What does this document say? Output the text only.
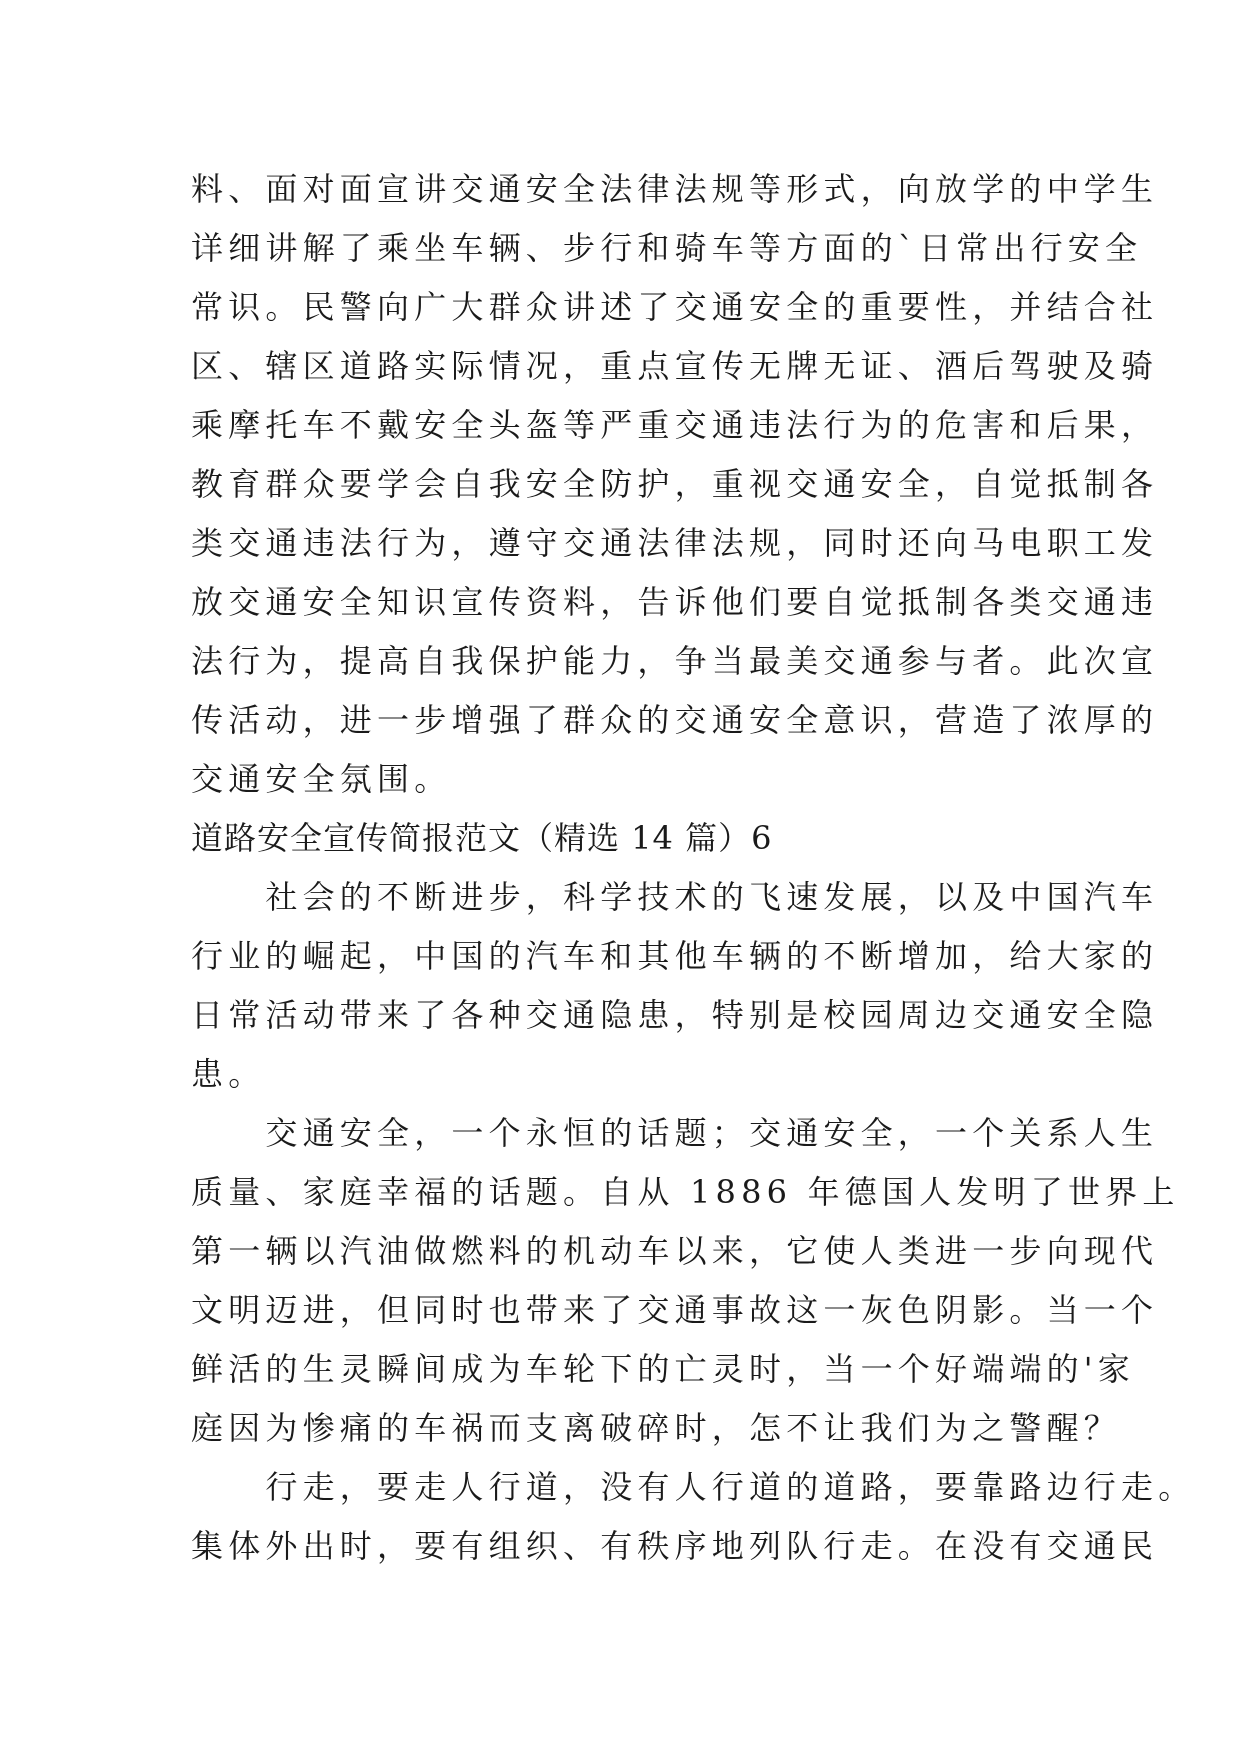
料、面对面宣讲交通安全法律法规等形式，向放学的中学生
详细讲解了乘坐车辆、步行和骑车等方面的`日常出行安全
常识。民警向广大群众讲述了交通安全的重要性，并结合社
区、辖区道路实际情况，重点宣传无牌无证、酒后驾驶及骑
乘摩托车不戴安全头盔等严重交通违法行为的危害和后果，
教育群众要学会自我安全防护，重视交通安全，自觉抵制各
类交通违法行为，遵守交通法律法规，同时还向马电职工发
放交通安全知识宣传资料，告诉他们要自觉抵制各类交通违
法行为，提高自我保护能力，争当最美交通参与者。此次宣
传活动，进一步增强了群众的交通安全意识，营造了浓厚的
交通安全氛围。
道路安全宣传简报范文（精选 14 篇）6
　　社会的不断进步，科学技术的飞速发展，以及中国汽车
行业的崛起，中国的汽车和其他车辆的不断增加，给大家的
日常活动带来了各种交通隐患，特别是校园周边交通安全隐
患。
　　交通安全，一个永恒的话题；交通安全，一个关系人生
质量、家庭幸福的话题。自从 1886 年德国人发明了世界上
第一辆以汽油做燃料的机动车以来，它使人类进一步向现代
文明迈进，但同时也带来了交通事故这一灰色阴影。当一个
鲜活的生灵瞬间成为车轮下的亡灵时，当一个好端端的'家
庭因为惨痛的车祸而支离破碎时，怎不让我们为之警醒？
　　行走，要走人行道，没有人行道的道路，要靠路边行走。
集体外出时，要有组织、有秩序地列队行走。在没有交通民
